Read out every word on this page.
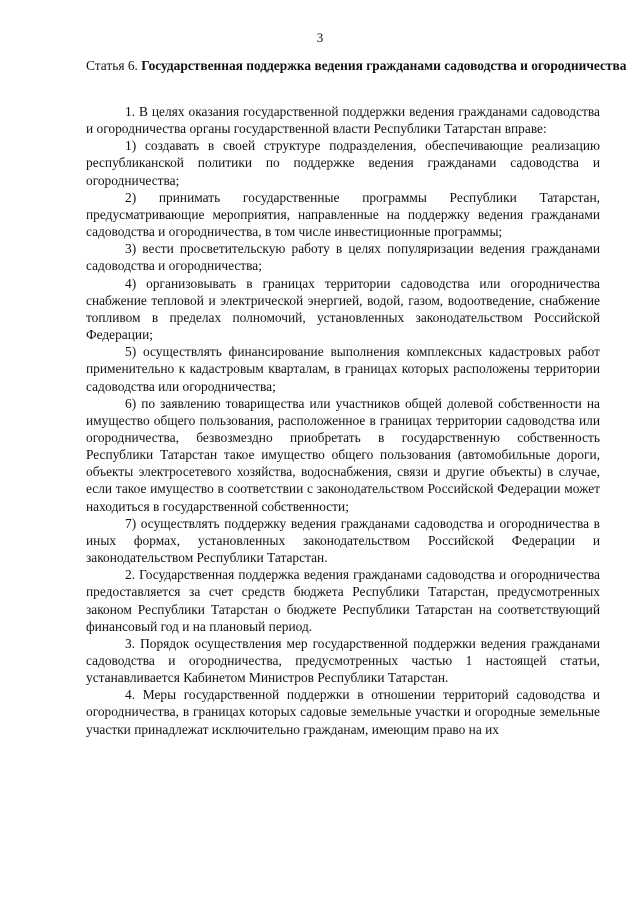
3
Статья 6. Государственная поддержка ведения гражданами садоводства и огородничества

1. В целях оказания государственной поддержки ведения гражданами садоводства и огородничества органы государственной власти Республики Татарстан вправе:

1) создавать в своей структуре подразделения, обеспечивающие реализацию республиканской политики по поддержке ведения гражданами садоводства и огородничества;

2) принимать государственные программы Республики Татарстан, предусматривающие мероприятия, направленные на поддержку ведения гражданами садоводства и огородничества, в том числе инвестиционные программы;

3) вести просветительскую работу в целях популяризации ведения гражданами садоводства и огородничества;

4) организовывать в границах территории садоводства или огородничества снабжение тепловой и электрической энергией, водой, газом, водоотведение, снабжение топливом в пределах полномочий, установленных законодательством Российской Федерации;

5) осуществлять финансирование выполнения комплексных кадастровых работ применительно к кадастровым кварталам, в границах которых расположены территории садоводства или огородничества;

6) по заявлению товарищества или участников общей долевой собственности на имущество общего пользования, расположенное в границах территории садоводства или огородничества, безвозмездно приобретать в государственную собственность Республики Татарстан такое имущество общего пользования (автомобильные дороги, объекты электросетевого хозяйства, водоснабжения, связи и другие объекты) в случае, если такое имущество в соответствии с законодательством Российской Федерации может находиться в государственной собственности;

7) осуществлять поддержку ведения гражданами садоводства и огородничества в иных формах, установленных законодательством Российской Федерации и законодательством Республики Татарстан.

2. Государственная поддержка ведения гражданами садоводства и огородничества предоставляется за счет средств бюджета Республики Татарстан, предусмотренных законом Республики Татарстан о бюджете Республики Татарстан на соответствующий финансовый год и на плановый период.

3. Порядок осуществления мер государственной поддержки ведения гражданами садоводства и огородничества, предусмотренных частью 1 настоящей статьи, устанавливается Кабинетом Министров Республики Татарстан.

4. Меры государственной поддержки в отношении территорий садоводства и огородничества, в границах которых садовые земельные участки и огородные земельные участки принадлежат исключительно гражданам, имеющим право на их
